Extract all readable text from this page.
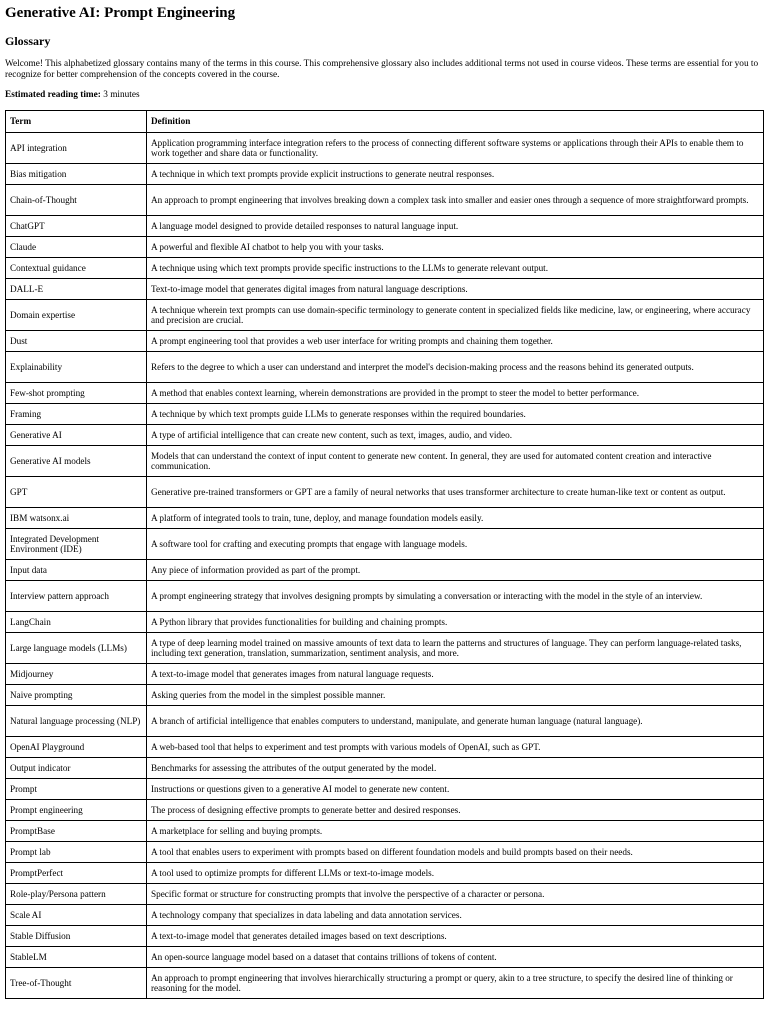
Generative AI: Prompt Engineering
Glossary

Welcome! This alphabetized glossary contains many of the terms in this course. This comprehensive glossary also includes additional terms not used in course videos. These terms are essential for you to recognize for better comprehension of the concepts covered in the course.

Estimated reading time: 3 minutes

Term	Definition
API integration	Application programming interface integration refers to the process of connecting different software systems or applications through their APIs to enable them to work together and share data or functionality.
Bias mitigation	A technique in which text prompts provide explicit instructions to generate neutral responses.
Chain-of-Thought	An approach to prompt engineering that involves breaking down a complex task into smaller and easier ones through a sequence of more straightforward prompts.
ChatGPT	A language model designed to provide detailed responses to natural language input.
Claude	A powerful and flexible AI chatbot to help you with your tasks.
Contextual guidance	A technique using which text prompts provide specific instructions to the LLMs to generate relevant output.
DALL-E	Text-to-image model that generates digital images from natural language descriptions.
Domain expertise	A technique wherein text prompts can use domain-specific terminology to generate content in specialized fields like medicine, law, or engineering, where accuracy and precision are crucial.
Dust	A prompt engineering tool that provides a web user interface for writing prompts and chaining them together.
Explainability	Refers to the degree to which a user can understand and interpret the model's decision-making process and the reasons behind its generated outputs.
Few-shot prompting	A method that enables context learning, wherein demonstrations are provided in the prompt to steer the model to better performance.
Framing	A technique by which text prompts guide LLMs to generate responses within the required boundaries.
Generative AI	A type of artificial intelligence that can create new content, such as text, images, audio, and video.
Generative AI models	Models that can understand the context of input content to generate new content. In general, they are used for automated content creation and interactive communication.
GPT	Generative pre-trained transformers or GPT are a family of neural networks that uses transformer architecture to create human-like text or content as output.
IBM watsonx.ai	A platform of integrated tools to train, tune, deploy, and manage foundation models easily.
Integrated Development Environment (IDE)	A software tool for crafting and executing prompts that engage with language models.
Input data	Any piece of information provided as part of the prompt.
Interview pattern approach	A prompt engineering strategy that involves designing prompts by simulating a conversation or interacting with the model in the style of an interview.
LangChain	A Python library that provides functionalities for building and chaining prompts.
Large language models (LLMs)	A type of deep learning model trained on massive amounts of text data to learn the patterns and structures of language. They can perform language-related tasks, including text generation, translation, summarization, sentiment analysis, and more.
Midjourney	A text-to-image model that generates images from natural language requests.
Naive prompting	Asking queries from the model in the simplest possible manner.
Natural language processing (NLP)	A branch of artificial intelligence that enables computers to understand, manipulate, and generate human language (natural language).
OpenAI Playground	A web-based tool that helps to experiment and test prompts with various models of OpenAI, such as GPT.
Output indicator	Benchmarks for assessing the attributes of the output generated by the model.
Prompt	Instructions or questions given to a generative AI model to generate new content.
Prompt engineering	The process of designing effective prompts to generate better and desired responses.
PromptBase	A marketplace for selling and buying prompts.
Prompt lab	A tool that enables users to experiment with prompts based on different foundation models and build prompts based on their needs.
PromptPerfect	A tool used to optimize prompts for different LLMs or text-to-image models.
Role-play/Persona pattern	Specific format or structure for constructing prompts that involve the perspective of a character or persona.
Scale AI	A technology company that specializes in data labeling and data annotation services.
Stable Diffusion	A text-to-image model that generates detailed images based on text descriptions.
StableLM	An open-source language model based on a dataset that contains trillions of tokens of content.
Tree-of-Thought	An approach to prompt engineering that involves hierarchically structuring a prompt or query, akin to a tree structure, to specify the desired line of thinking or reasoning for the model.
